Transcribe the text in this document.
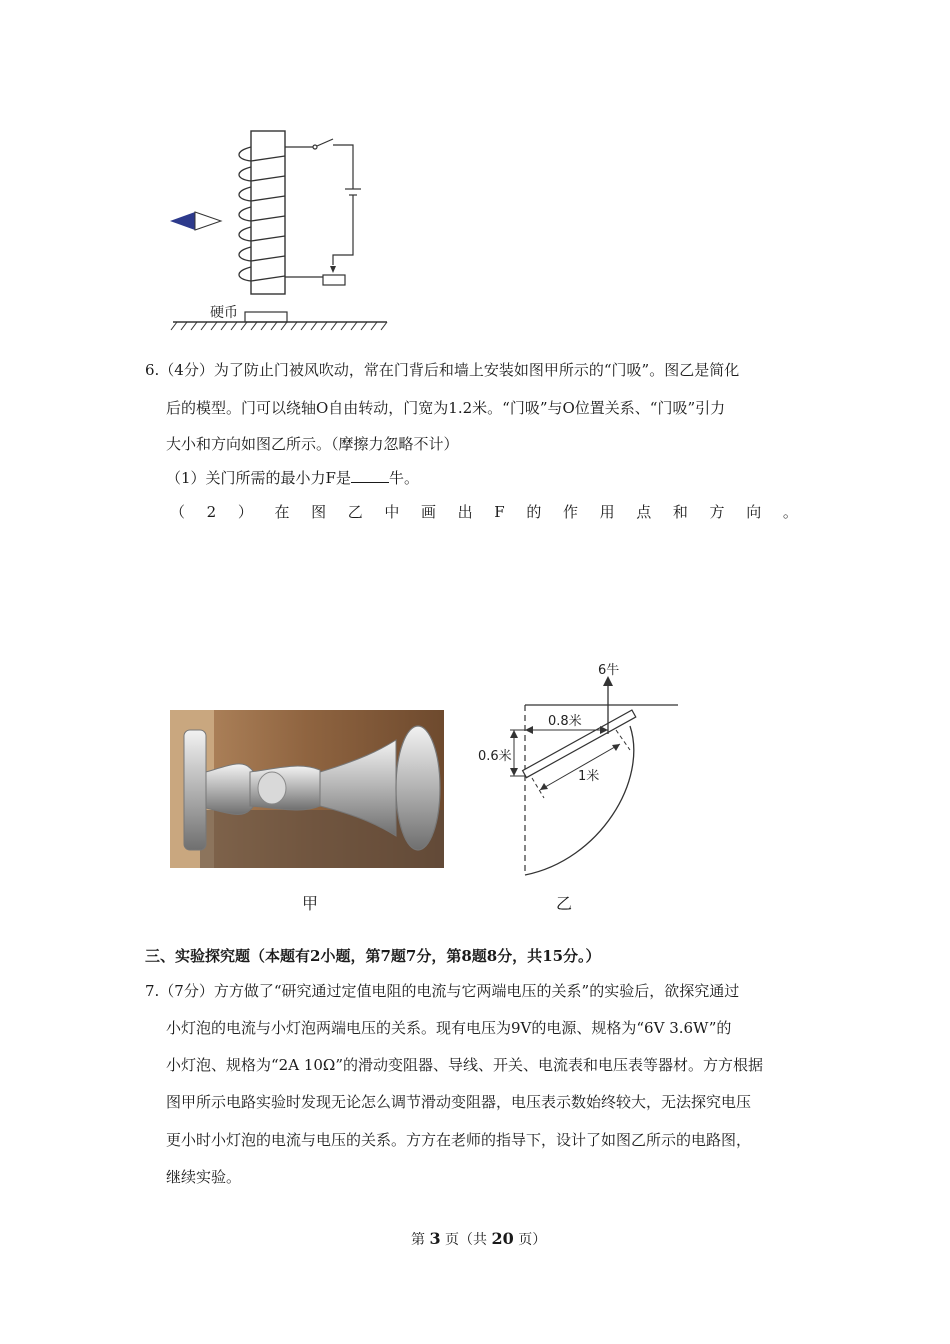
硬币
6.（4分）为了防止门被风吹动，常在门背后和墙上安装如图甲所示的“门吸”。图乙是简化
后的模型。门可以绕轴O自由转动，门宽为1.2米。“门吸”与O位置关系、“门吸”引力
大小和方向如图乙所示。（摩擦力忽略不计）
（1）关门所需的最小力F是	牛。
（ 2 ） 在 图 乙 中 画 出 F 的 作 用 点 和 方 向 。
6牛
0.8米
0.6米
1米
甲	乙
三、实验探究题（本题有2小题，第7题7分，第8题8分，共15分。）
7.（7分）方方做了“研究通过定值电阻的电流与它两端电压的关系”的实验后，欲探究通过
小灯泡的电流与小灯泡两端电压的关系。现有电压为9V的电源、规格为“6V 3.6W”的
小灯泡、规格为“2A 10Ω”的滑动变阻器、导线、开关、电流表和电压表等器材。方方根据
图甲所示电路实验时发现无论怎么调节滑动变阻器，电压表示数始终较大，无法探究电压
更小时小灯泡的电流与电压的关系。方方在老师的指导下，设计了如图乙所示的电路图，
继续实验。
第 3 页（共 20 页）
